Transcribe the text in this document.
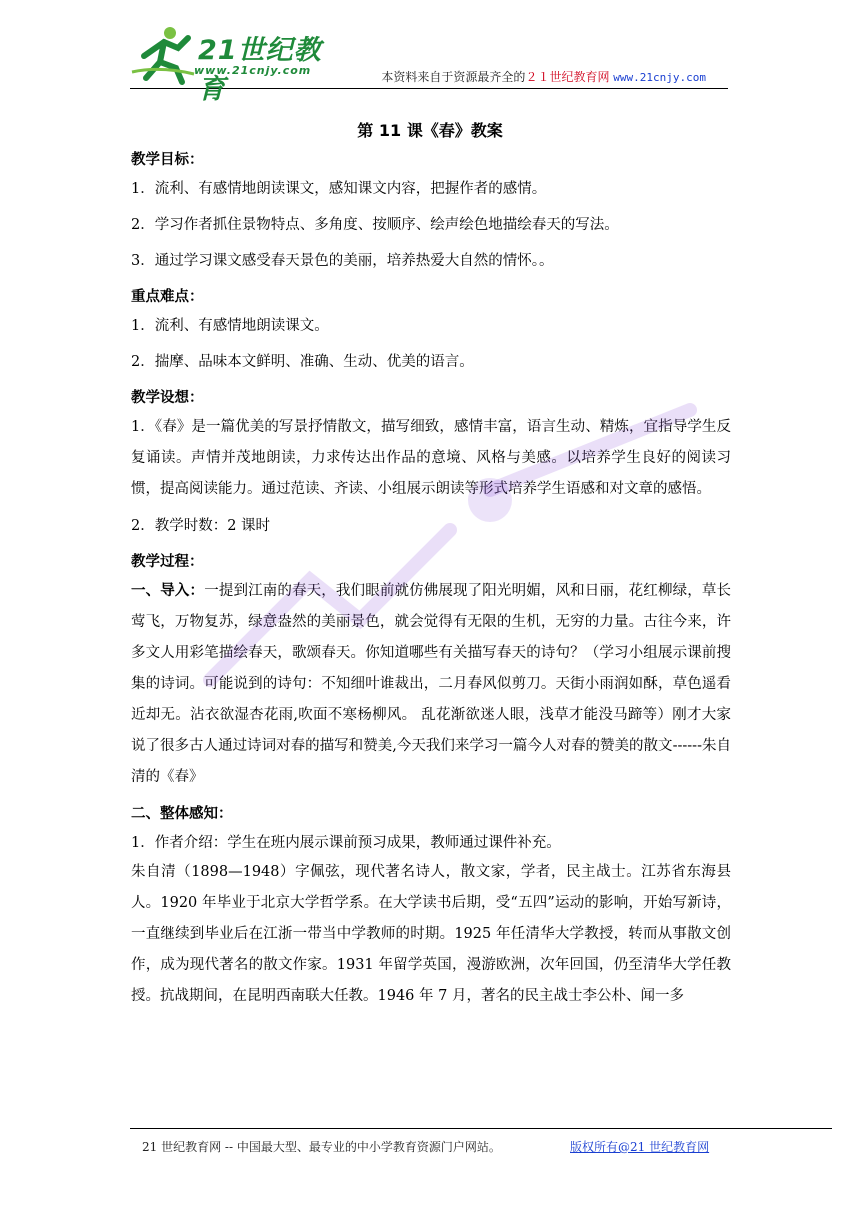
21世纪教育
www.21cnjy.com	本资料来自于资源最齐全的２１世纪教育网 www.21cnjy.com
第 11 课《春》教案
教学目标：
1．流利、有感情地朗读课文，感知课文内容，把握作者的感情。
2．学习作者抓住景物特点、多角度、按顺序、绘声绘色地描绘春天的写法。
3．通过学习课文感受春天景色的美丽，培养热爱大自然的情怀。。
重点难点：
1．流利、有感情地朗读课文。
2．揣摩、品味本文鲜明、准确、生动、优美的语言。
教学设想：
1．《春》是一篇优美的写景抒情散文，描写细致，感情丰富，语言生动、精炼，宜指导学生反复诵读。声情并茂地朗读，力求传达出作品的意境、风格与美感。以培养学生良好的阅读习惯，提高阅读能力。通过范读、齐读、小组展示朗读等形式培养学生语感和对文章的感悟。
2．教学时数：2 课时
教学过程：
一、导入：一提到江南的春天，我们眼前就仿佛展现了阳光明媚，风和日丽，花红柳绿，草长莺飞，万物复苏，绿意盎然的美丽景色，就会觉得有无限的生机，无穷的力量。古往今来，许多文人用彩笔描绘春天，歌颂春天。你知道哪些有关描写春天的诗句？（学习小组展示课前搜集的诗词。可能说到的诗句：不知细叶谁裁出，二月春风似剪刀。天街小雨润如酥，草色遥看近却无。沾衣欲湿杏花雨,吹面不寒杨柳风。 乱花渐欲迷人眼，浅草才能没马蹄等）刚才大家说了很多古人通过诗词对春的描写和赞美,今天我们来学习一篇今人对春的赞美的散文------朱自清的《春》
二、整体感知：
1．作者介绍：学生在班内展示课前预习成果，教师通过课件补充。
朱自清（1898—1948）字佩弦，现代著名诗人，散文家，学者，民主战士。江苏省东海县人。1920 年毕业于北京大学哲学系。在大学读书后期，受“五四”运动的影响，开始写新诗，一直继续到毕业后在江浙一带当中学教师的时期。1925 年任清华大学教授，转而从事散文创作，成为现代著名的散文作家。1931 年留学英国，漫游欧洲，次年回国，仍至清华大学任教授。抗战期间，在昆明西南联大任教。1946 年 7 月，著名的民主战士李公朴、闻一多
21 世纪教育网 -- 中国最大型、最专业的中小学教育资源门户网站。	版权所有@21 世纪教育网
